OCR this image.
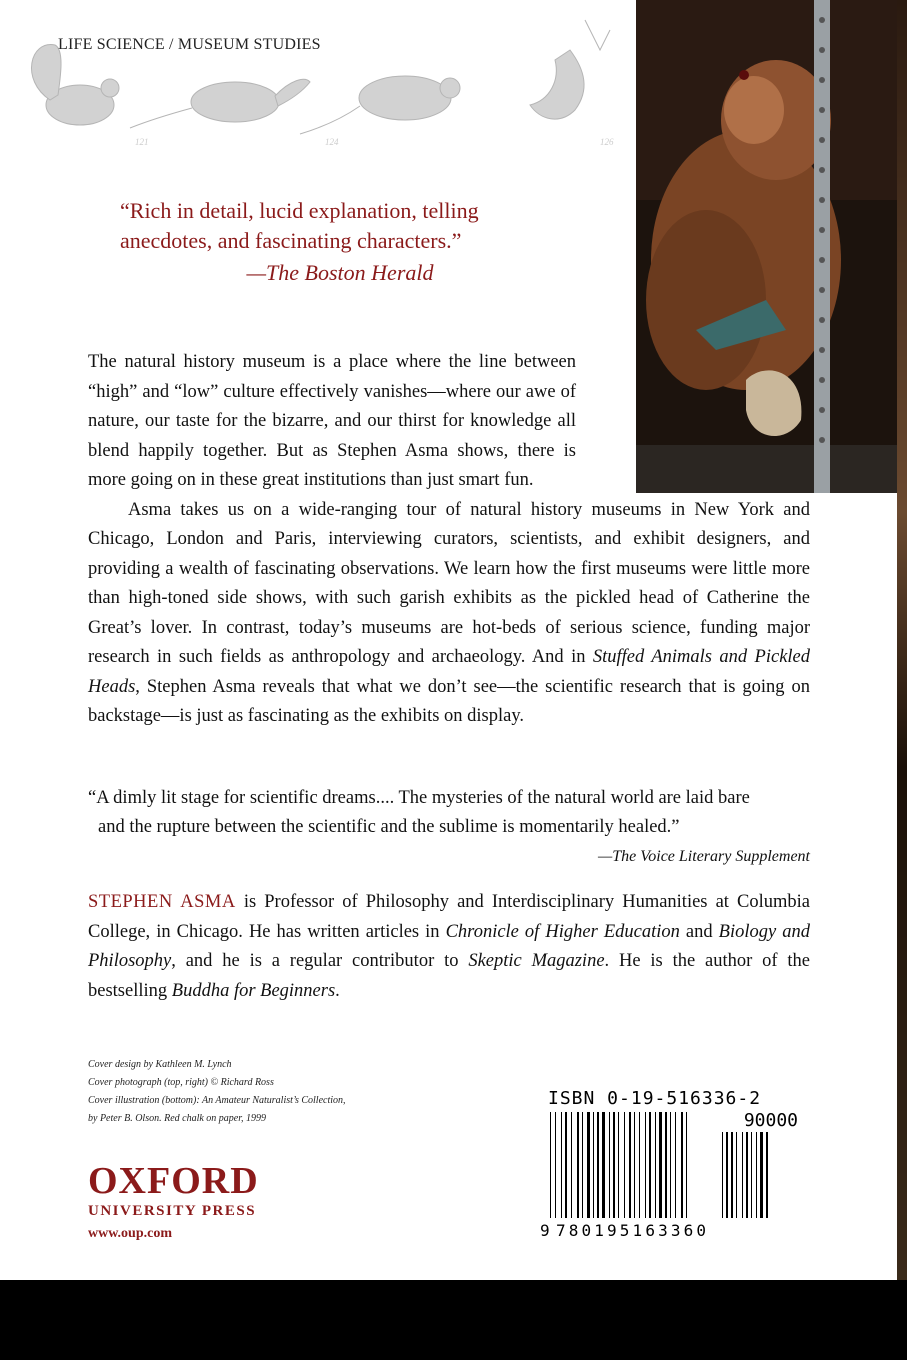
121	124	126
LIFE SCIENCE / MUSEUM STUDIES
“Rich in detail, lucid explanation, telling anecdotes, and fascinating characters.”
—The Boston Herald

The natural history museum is a place where the line between “high” and “low” culture effectively vanishes—where our awe of nature, our taste for the bizarre, and our thirst for knowledge all blend happily together. But as Stephen Asma shows, there is more going on in these great institutions than just smart fun.

Asma takes us on a wide-ranging tour of natural history museums in New York and Chicago, London and Paris, interviewing curators, scientists, and exhibit designers, and providing a wealth of fascinating observations. We learn how the first museums were little more than high-toned side shows, with such garish exhibits as the pickled head of Catherine the Great’s lover. In contrast, today’s museums are hot-beds of serious science, funding major research in such fields as anthropology and archaeology. And in Stuffed Animals and Pickled Heads, Stephen Asma reveals that what we don’t see—the scientific research that is going on backstage—is just as fascinating as the exhibits on display.

“A dimly lit stage for scientific dreams.... The mysteries of the natural world are laid bare
and the rupture between the scientific and the sublime is momentarily healed.”
—The Voice Literary Supplement
STEPHEN ASMA is Professor of Philosophy and Interdisciplinary Humanities at Columbia College, in Chicago. He has written articles in Chronicle of Higher Education and Biology and Philosophy, and he is a regular contributor to Skeptic Magazine. He is the author of the bestselling Buddha for Beginners.
Cover design by Kathleen M. Lynch
Cover photograph (top, right) © Richard Ross
Cover illustration (bottom): An Amateur Naturalist’s Collection,
by Peter B. Olson. Red chalk on paper, 1999
OXFORD
UNIVERSITY PRESS
www.oup.com
ISBN 0-19-516336-2
90000
9 780195163360
